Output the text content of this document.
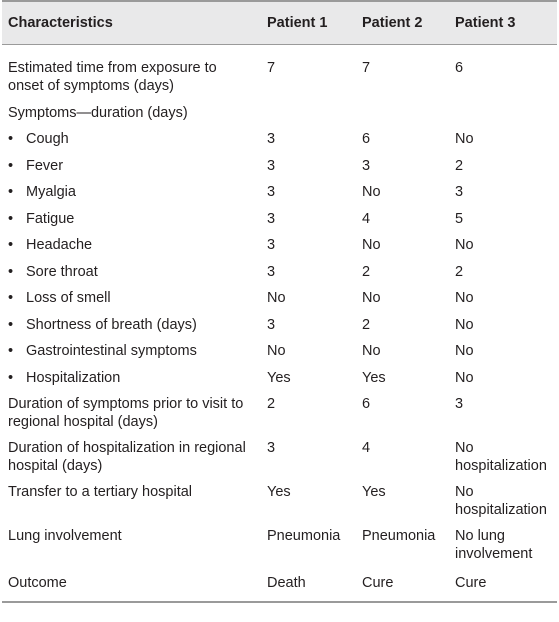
Characteristics	Patient 1	Patient 2	Patient 3
Estimated time from exposure to onset of symptoms (days)	7	7	6
Symptoms—duration (days)			
• Cough	3	6	No
• Fever	3	3	2
• Myalgia	3	No	3
• Fatigue	3	4	5
• Headache	3	No	No
• Sore throat	3	2	2
• Loss of smell	No	No	No
• Shortness of breath (days)	3	2	No
• Gastrointestinal symptoms	No	No	No
• Hospitalization	Yes	Yes	No
Duration of symptoms prior to visit to regional hospital (days)	2	6	3
Duration of hospitalization in regional hospital (days)	3	4	No hospitalization
Transfer to a tertiary hospital	Yes	Yes	No hospitalization
Lung involvement	Pneumonia	Pneumonia	No lung involvement
Outcome	Death	Cure	Cure
